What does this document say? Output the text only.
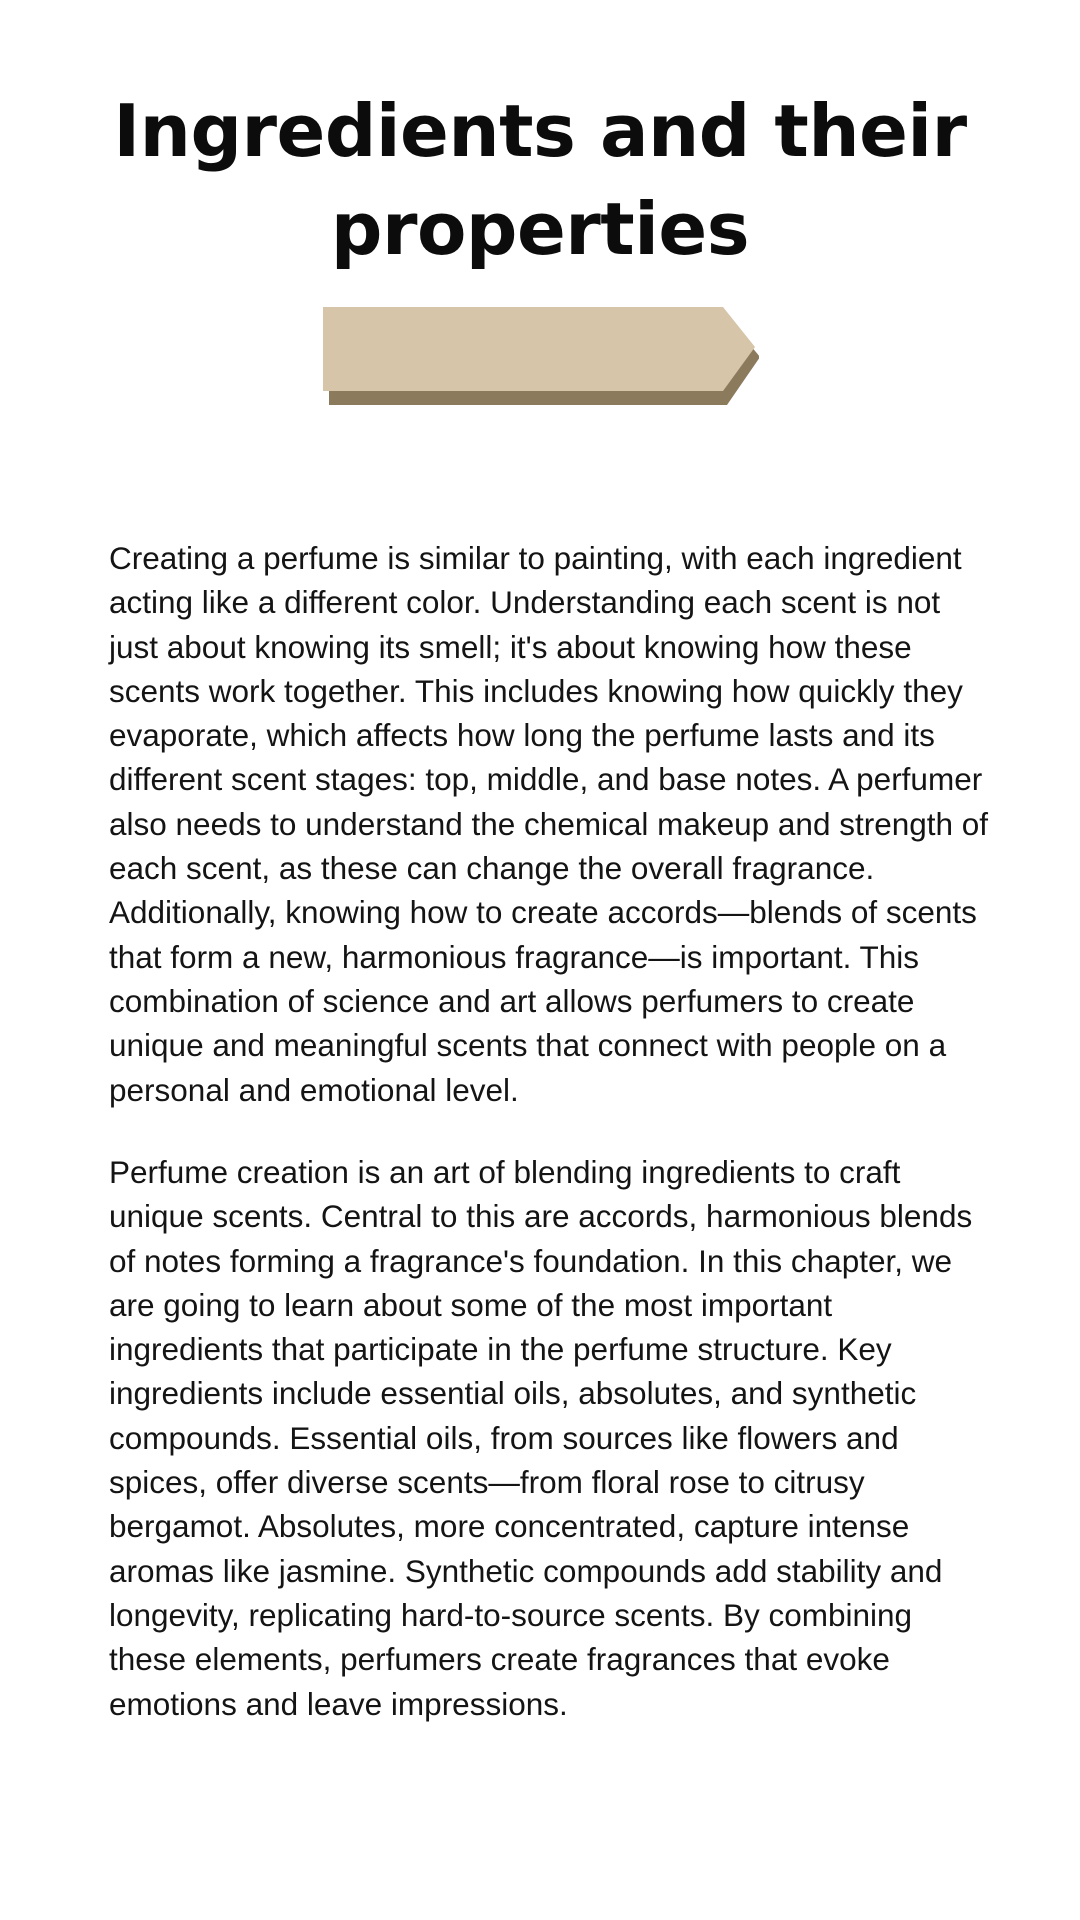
Ingredients and their
properties

Creating a perfume is similar to painting, with each ingredient acting like a different color. Understanding each scent is not just about knowing its smell; it's about knowing how these scents work together. This includes knowing how quickly they evaporate, which affects how long the perfume lasts and its different scent stages: top, middle, and base notes. A perfumer also needs to understand the chemical makeup and strength of each scent, as these can change the overall fragrance. Additionally, knowing how to create accords—blends of scents that form a new, harmonious fragrance—is important. This combination of science and art allows perfumers to create unique and meaningful scents that connect with people on a personal and emotional level.

Perfume creation is an art of blending ingredients to craft unique scents. Central to this are accords, harmonious blends of notes forming a fragrance's foundation. In this chapter, we are going to learn about some of the most important ingredients that participate in the perfume structure. Key ingredients include essential oils, absolutes, and synthetic compounds. Essential oils, from sources like flowers and spices, offer diverse scents—from floral rose to citrusy bergamot. Absolutes, more concentrated, capture intense aromas like jasmine. Synthetic compounds add stability and longevity, replicating hard-to-source scents. By combining these elements, perfumers create fragrances that evoke emotions and leave impressions.
